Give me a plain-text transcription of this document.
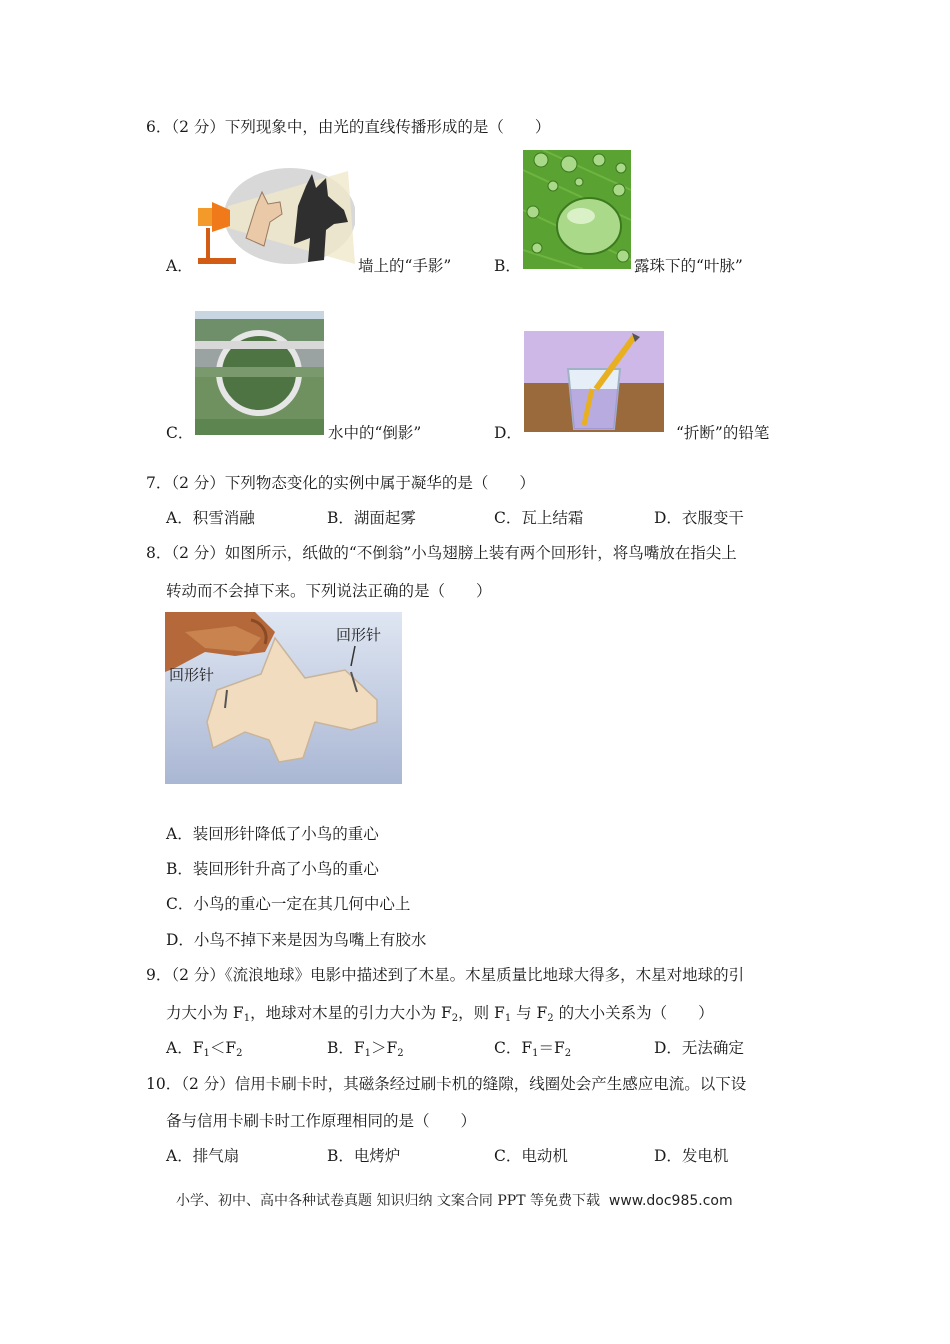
6．（2 分）下列现象中，由光的直线传播形成的是（　　）
A．	墙上的“手影”	B．	露珠下的“叶脉”
C．	水中的“倒影”	D．	“折断”的铅笔
7．（2 分）下列物态变化的实例中属于凝华的是（　　）
A．积雪消融	B．湖面起雾	C．瓦上结霜	D．衣服变干
8．（2 分）如图所示，纸做的“不倒翁”小鸟翅膀上装有两个回形针，将鸟嘴放在指尖上
转动而不会掉下来。下列说法正确的是（　　）
回形针
回形针
A．装回形针降低了小鸟的重心
B．装回形针升高了小鸟的重心
C．小鸟的重心一定在其几何中心上
D．小鸟不掉下来是因为鸟嘴上有胶水
9．（2 分）《流浪地球》电影中描述到了木星。木星质量比地球大得多，木星对地球的引
力大小为 $F_1$，地球对木星的引力大小为 $F_2$，则 $F_1$ 与 $F_2$ 的大小关系为（　　）
A．$F_1<F_2$	B．$F_1>F_2$	C．$F_1=F_2$	D．无法确定
10．（2 分）信用卡刷卡时，其磁条经过刷卡机的缝隙，线圈处会产生感应电流。以下设
备与信用卡刷卡时工作原理相同的是（　　）
A．排气扇	B．电烤炉	C．电动机	D．发电机
小学、初中、高中各种试卷真题 知识归纳 文案合同 PPT 等免费下载 www.doc985.com
